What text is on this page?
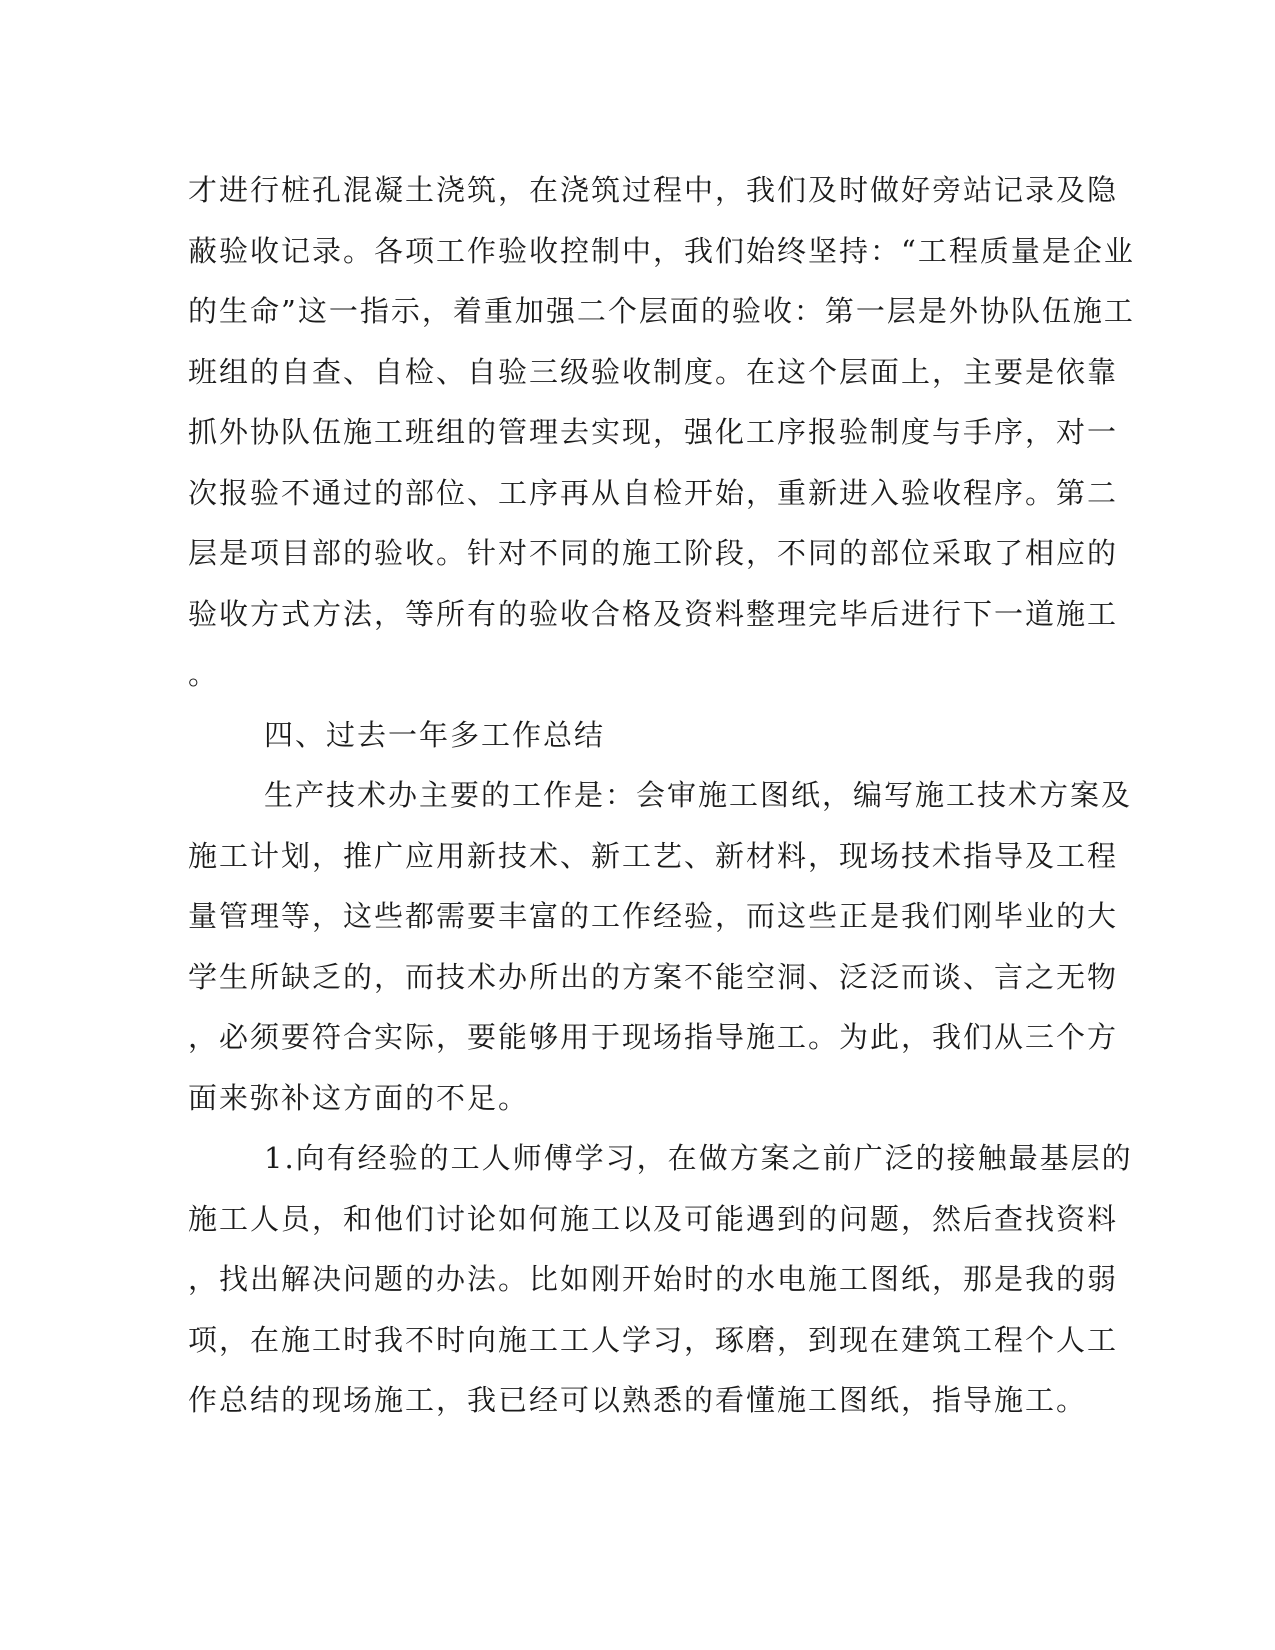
才进行桩孔混凝土浇筑，在浇筑过程中，我们及时做好旁站记录及隐
蔽验收记录。各项工作验收控制中，我们始终坚持：“工程质量是企业
的生命”这一指示，着重加强二个层面的验收：第一层是外协队伍施工
班组的自查、自检、自验三级验收制度。在这个层面上，主要是依靠
抓外协队伍施工班组的管理去实现，强化工序报验制度与手序，对一
次报验不通过的部位、工序再从自检开始，重新进入验收程序。第二
层是项目部的验收。针对不同的施工阶段，不同的部位采取了相应的
验收方式方法，等所有的验收合格及资料整理完毕后进行下一道施工
。
四、过去一年多工作总结
生产技术办主要的工作是：会审施工图纸，编写施工技术方案及
施工计划，推广应用新技术、新工艺、新材料，现场技术指导及工程
量管理等，这些都需要丰富的工作经验，而这些正是我们刚毕业的大
学生所缺乏的，而技术办所出的方案不能空洞、泛泛而谈、言之无物
，必须要符合实际，要能够用于现场指导施工。为此，我们从三个方
面来弥补这方面的不足。
1.向有经验的工人师傅学习，在做方案之前广泛的接触最基层的
施工人员，和他们讨论如何施工以及可能遇到的问题，然后查找资料
，找出解决问题的办法。比如刚开始时的水电施工图纸，那是我的弱
项，在施工时我不时向施工工人学习，琢磨，到现在建筑工程个人工
作总结的现场施工，我已经可以熟悉的看懂施工图纸，指导施工。
